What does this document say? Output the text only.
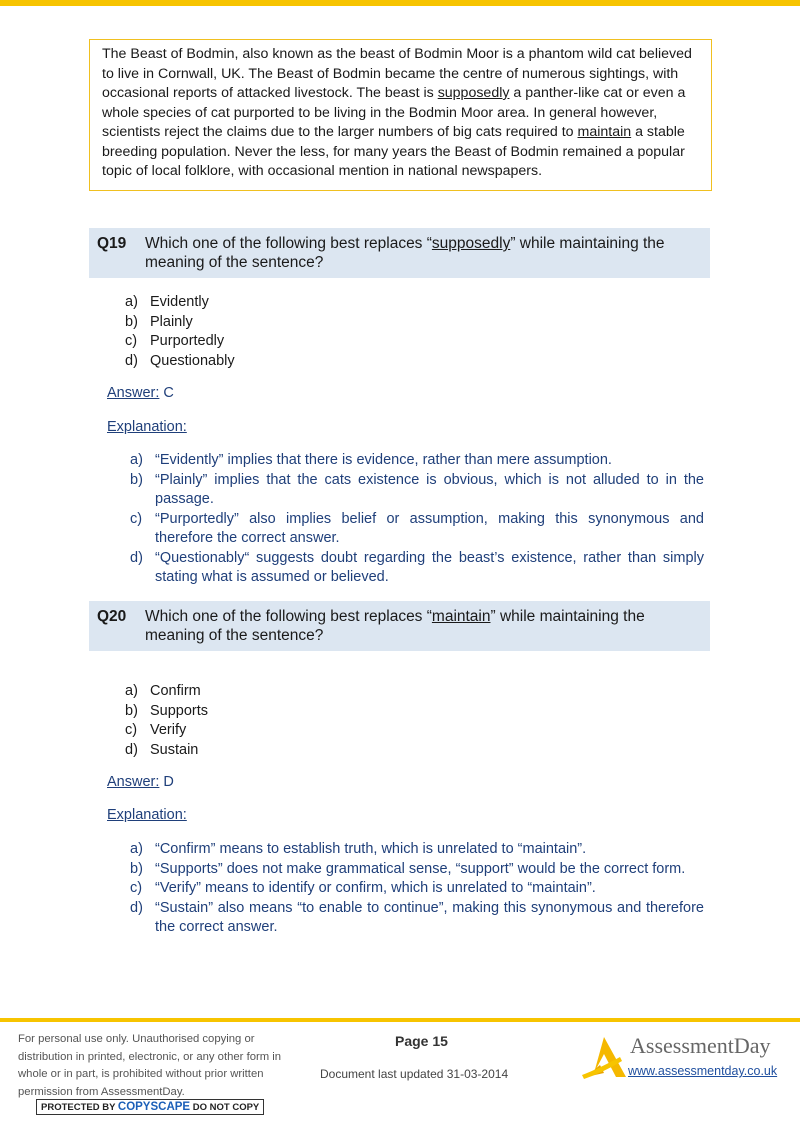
The Beast of Bodmin, also known as the beast of Bodmin Moor is a phantom wild cat believed to live in Cornwall, UK. The Beast of Bodmin became the centre of numerous sightings, with occasional reports of attacked livestock. The beast is supposedly a panther-like cat or even a whole species of cat purported to be living in the Bodmin Moor area. In general however, scientists reject the claims due to the larger numbers of big cats required to maintain a stable breeding population. Never the less, for many years the Beast of Bodmin remained a popular topic of local folklore, with occasional mention in national newspapers.
Q19 Which one of the following best replaces “supposedly” while maintaining the meaning of the sentence?
a) Evidently
b) Plainly
c) Purportedly
d) Questionably
Answer: C
Explanation:
a) “Evidently” implies that there is evidence, rather than mere assumption.
b) “Plainly” implies that the cats existence is obvious, which is not alluded to in the passage.
c) “Purportedly” also implies belief or assumption, making this synonymous and therefore the correct answer.
d) “Questionably“ suggests doubt regarding the beast’s existence, rather than simply stating what is assumed or believed.
Q20 Which one of the following best replaces “maintain” while maintaining the meaning of the sentence?
a) Confirm
b) Supports
c) Verify
d) Sustain
Answer: D
Explanation:
a) “Confirm” means to establish truth, which is unrelated to “maintain”.
b) “Supports” does not make grammatical sense, “support” would be the correct form.
c) “Verify” means to identify or confirm, which is unrelated to “maintain”.
d) “Sustain” also means “to enable to continue”, making this synonymous and therefore the correct answer.
For personal use only. Unauthorised copying or distribution in printed, electronic, or any other form in whole or in part, is prohibited without prior written permission from AssessmentDay.
PROTECTED BY COPYSCAPE DO NOT COPY
Page 15
Document last updated 31-03-2014
AssessmentDay
www.assessmentday.co.uk
